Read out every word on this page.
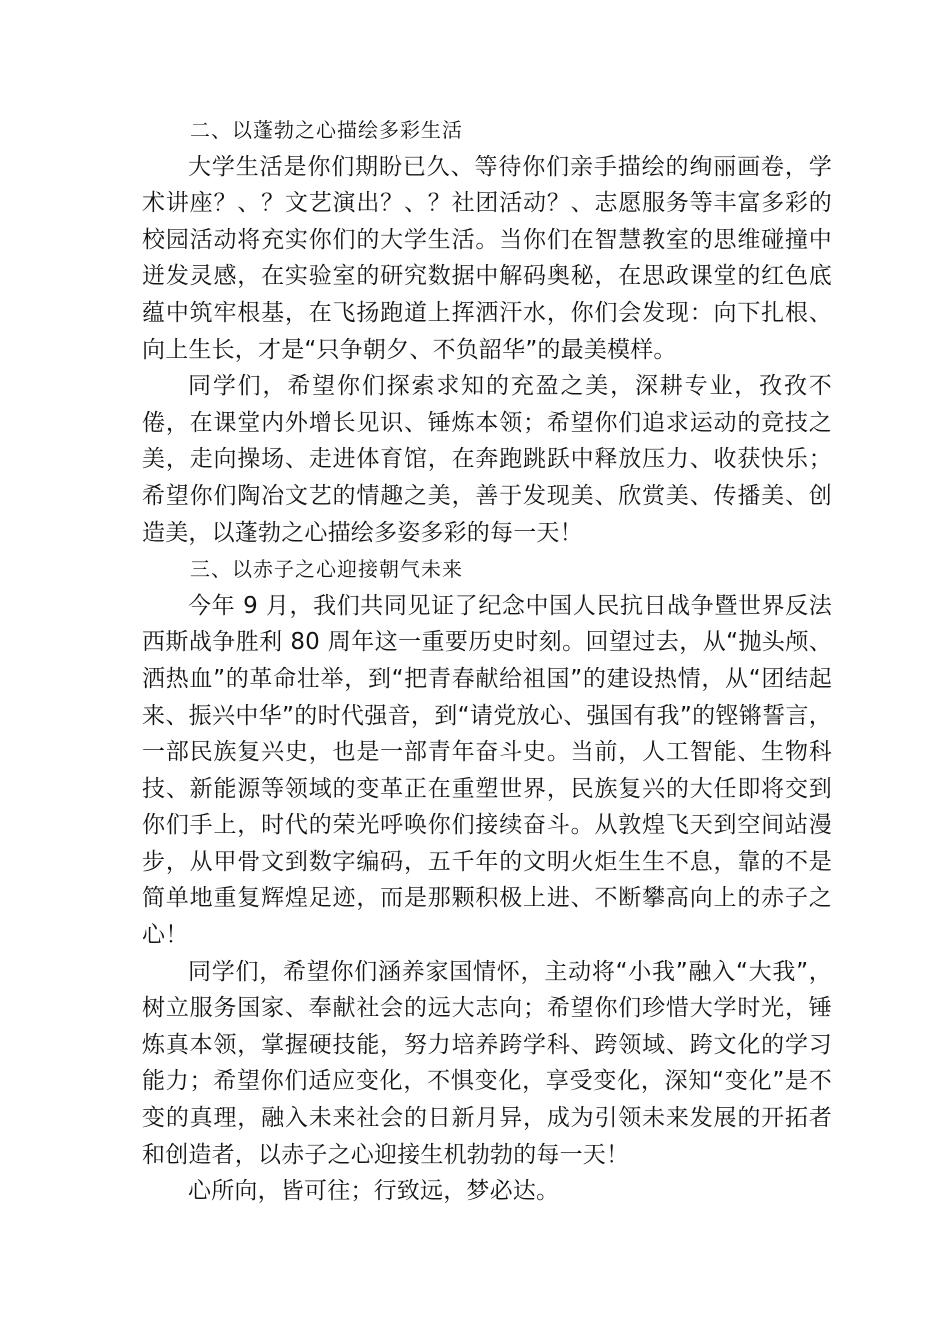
二、以蓬勃之心描绘多彩生活

大学生活是你们期盼已久、等待你们亲手描绘的绚丽画卷，学术讲座？、？文艺演出？、？社团活动？、志愿服务等丰富多彩的校园活动将充实你们的大学生活。当你们在智慧教室的思维碰撞中迸发灵感，在实验室的研究数据中解码奥秘，在思政课堂的红色底蕴中筑牢根基，在飞扬跑道上挥洒汗水，你们会发现：向下扎根、向上生长，才是“只争朝夕、不负韶华”的最美模样。

同学们，希望你们探索求知的充盈之美，深耕专业，孜孜不倦，在课堂内外增长见识、锤炼本领；希望你们追求运动的竞技之美，走向操场、走进体育馆，在奔跑跳跃中释放压力、收获快乐；希望你们陶冶文艺的情趣之美，善于发现美、欣赏美、传播美、创造美，以蓬勃之心描绘多姿多彩的每一天！

三、以赤子之心迎接朝气未来

今年 9 月，我们共同见证了纪念中国人民抗日战争暨世界反法西斯战争胜利 80 周年这一重要历史时刻。回望过去，从“抛头颅、洒热血”的革命壮举，到“把青春献给祖国”的建设热情，从“团结起来、振兴中华”的时代强音，到“请党放心、强国有我”的铿锵誓言，一部民族复兴史，也是一部青年奋斗史。当前，人工智能、生物科技、新能源等领域的变革正在重塑世界，民族复兴的大任即将交到你们手上，时代的荣光呼唤你们接续奋斗。从敦煌飞天到空间站漫步，从甲骨文到数字编码，五千年的文明火炬生生不息，靠的不是简单地重复辉煌足迹，而是那颗积极上进、不断攀高向上的赤子之心！

同学们，希望你们涵养家国情怀，主动将“小我”融入“大我”，树立服务国家、奉献社会的远大志向；希望你们珍惜大学时光，锤炼真本领，掌握硬技能，努力培养跨学科、跨领域、跨文化的学习能力；希望你们适应变化，不惧变化，享受变化，深知“变化”是不变的真理，融入未来社会的日新月异，成为引领未来发展的开拓者和创造者，以赤子之心迎接生机勃勃的每一天！

心所向，皆可往；行致远，梦必达。
